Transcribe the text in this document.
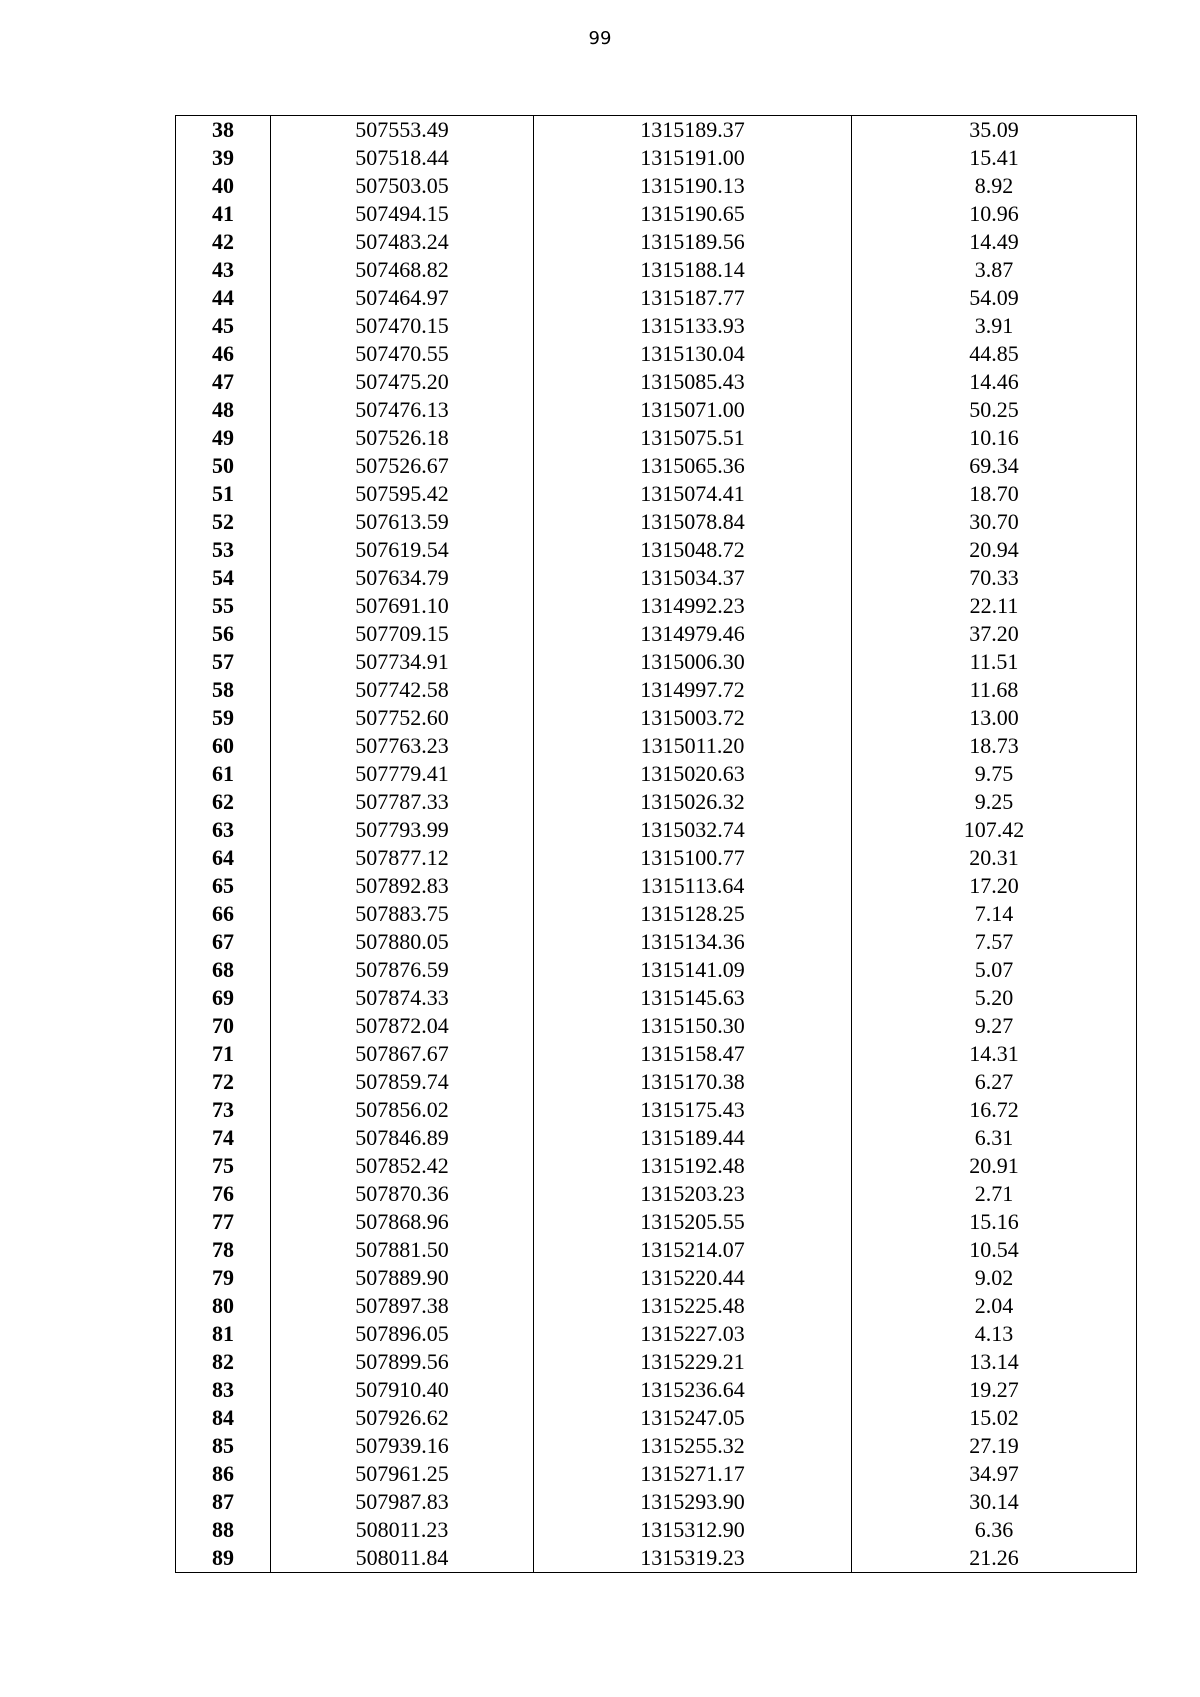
99
38	507553.49	1315189.37	35.09
39	507518.44	1315191.00	15.41
40	507503.05	1315190.13	8.92
41	507494.15	1315190.65	10.96
42	507483.24	1315189.56	14.49
43	507468.82	1315188.14	3.87
44	507464.97	1315187.77	54.09
45	507470.15	1315133.93	3.91
46	507470.55	1315130.04	44.85
47	507475.20	1315085.43	14.46
48	507476.13	1315071.00	50.25
49	507526.18	1315075.51	10.16
50	507526.67	1315065.36	69.34
51	507595.42	1315074.41	18.70
52	507613.59	1315078.84	30.70
53	507619.54	1315048.72	20.94
54	507634.79	1315034.37	70.33
55	507691.10	1314992.23	22.11
56	507709.15	1314979.46	37.20
57	507734.91	1315006.30	11.51
58	507742.58	1314997.72	11.68
59	507752.60	1315003.72	13.00
60	507763.23	1315011.20	18.73
61	507779.41	1315020.63	9.75
62	507787.33	1315026.32	9.25
63	507793.99	1315032.74	107.42
64	507877.12	1315100.77	20.31
65	507892.83	1315113.64	17.20
66	507883.75	1315128.25	7.14
67	507880.05	1315134.36	7.57
68	507876.59	1315141.09	5.07
69	507874.33	1315145.63	5.20
70	507872.04	1315150.30	9.27
71	507867.67	1315158.47	14.31
72	507859.74	1315170.38	6.27
73	507856.02	1315175.43	16.72
74	507846.89	1315189.44	6.31
75	507852.42	1315192.48	20.91
76	507870.36	1315203.23	2.71
77	507868.96	1315205.55	15.16
78	507881.50	1315214.07	10.54
79	507889.90	1315220.44	9.02
80	507897.38	1315225.48	2.04
81	507896.05	1315227.03	4.13
82	507899.56	1315229.21	13.14
83	507910.40	1315236.64	19.27
84	507926.62	1315247.05	15.02
85	507939.16	1315255.32	27.19
86	507961.25	1315271.17	34.97
87	507987.83	1315293.90	30.14
88	508011.23	1315312.90	6.36
89	508011.84	1315319.23	21.26
